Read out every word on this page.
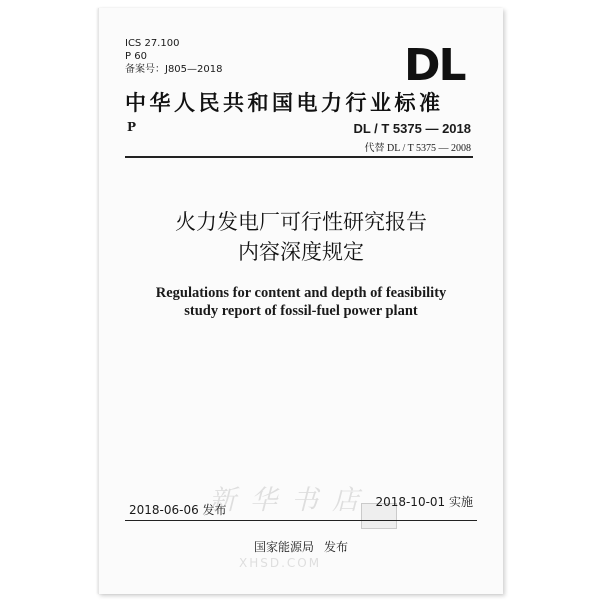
ICS 27.100

P 60

备案号：J805—2018	DL

中华人民共和国电力行业标准

P	DL / T 5375 — 2018

代替 DL / T 5375 — 2008

火力发电厂可行性研究报告

内容深度规定

Regulations for content and depth of feasibility

study report of fossil-fuel power plant

新华书店

XHSD.COM

2018-06-06 发布

2018-10-01 实施

国家能源局 发布
